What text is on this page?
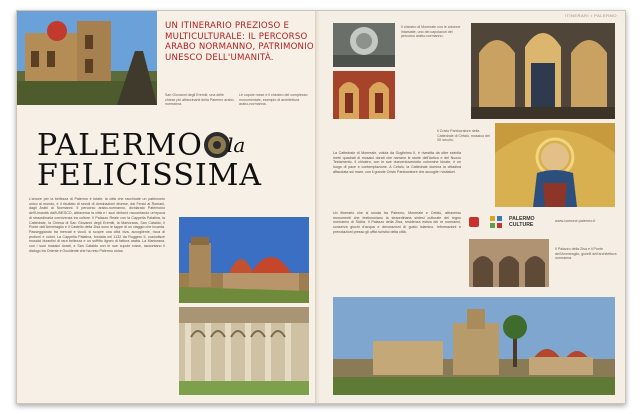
San Giovanni degli Eremiti, una delle chiese più affascinanti della Palermo arabo-normanna.
Le cupole rosse e il chiostro del complesso monumentale, esempio di architettura arabo-normanna.
UN ITINERARIO PREZIOSO E MULTICULTURALE: IL PERCORSO ARABO NORMANNO, PATRIMONIO UNESCO DELL'UMANITÀ.
PALERMO la
FELICISSIMA
L'amore per la bellezza di Palermo è totale: la città che racchiude un patrimonio unico al mondo, è il risultato di secoli di dominazioni diverse, dai Fenici ai Romani, dagli Arabi ai Normanni. Il percorso arabo-normanno, dichiarato Patrimonio dell'Umanità dall'UNESCO, attraversa la città e i suoi dintorni raccontando un'epoca di straordinaria convivenza tra culture. Il Palazzo Reale con la Cappella Palatina, la Cattedrale, la Chiesa di San Giovanni degli Eremiti, la Martorana, San Cataldo, il Ponte dell'Ammiraglio e il Castello della Zisa sono le tappe di un viaggio che incanta. Passeggiando tra mercati e vicoli, si scopre una città viva, accogliente, ricca di profumi e colori. La Cappella Palatina, fondata nel 1132 da Ruggero II, custodisce mosaici bizantini di rara bellezza e un soffitto ligneo di fattura araba. La Martorana, con i suoi mosaici dorati, e San Cataldo con le sue cupole rosse, raccontano il dialogo tra Oriente e Occidente che ha reso Palermo unica.
ITINERARI • PALERMO
Il chiostro di Monreale con le colonne intarsiate, uno dei capolavori del percorso arabo-normanno.
Il Cristo Pantocratore della Cattedrale di Cefalù, mosaico del XII secolo.
La Cattedrale di Monreale, voluta da Guglielmo II, è rivestita da oltre seimila metri quadrati di mosaici dorati che narrano le storie dell'Antico e del Nuovo Testamento. Il chiostro, con le sue duecentoventotto colonnine binate, è un luogo di pace e contemplazione. A Cefalù, la Cattedrale domina la cittadina affacciata sul mare, con il grande Cristo Pantocratore che accoglie i visitatori.
Un itinerario che si snoda tra Palermo, Monreale e Cefalù, attraverso monumenti che testimoniano la straordinaria sintesi culturale del regno normanno di Sicilia. Il Palazzo della Zisa, residenza estiva dei re normanni, conserva giochi d'acqua e decorazioni di gusto islamico. Informazioni e prenotazioni presso gli uffici turistici della città.
PALERMO
CULTURE
www.comune.palermo.it
Il Palazzo della Zisa e il Ponte dell'Ammiraglio, gioielli dell'architettura normanna.
